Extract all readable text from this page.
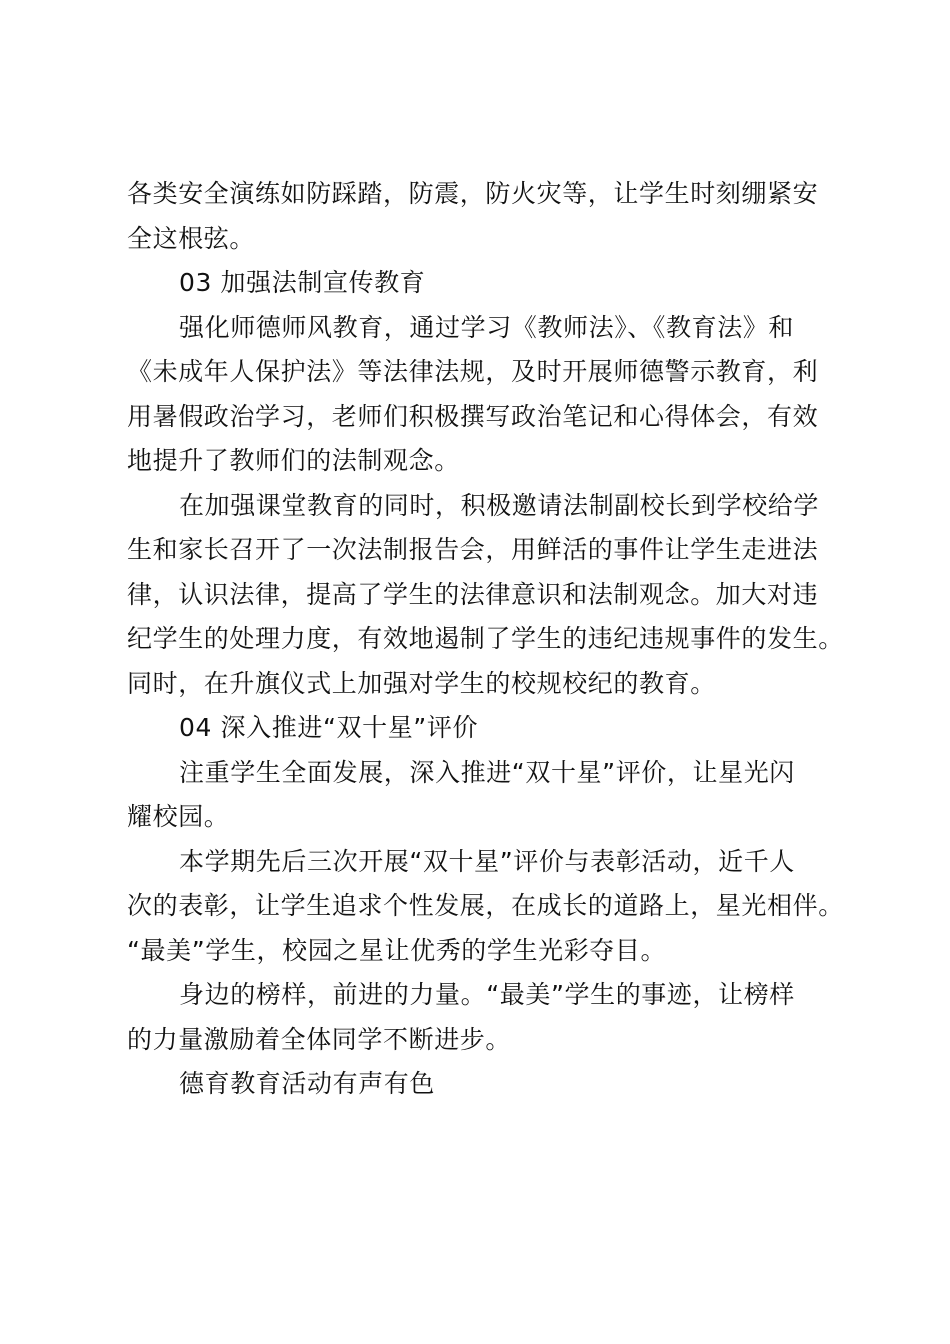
各类安全演练如防踩踏，防震，防火灾等，让学生时刻绷紧安
全这根弦。
03 加强法制宣传教育
强化师德师风教育，通过学习《教师法》、《教育法》和
《未成年人保护法》等法律法规，及时开展师德警示教育，利
用暑假政治学习，老师们积极撰写政治笔记和心得体会，有效
地提升了教师们的法制观念。
在加强课堂教育的同时，积极邀请法制副校长到学校给学
生和家长召开了一次法制报告会，用鲜活的事件让学生走进法
律，认识法律，提高了学生的法律意识和法制观念。加大对违
纪学生的处理力度，有效地遏制了学生的违纪违规事件的发生。
同时，在升旗仪式上加强对学生的校规校纪的教育。
04 深入推进“双十星”评价
注重学生全面发展，深入推进“双十星”评价，让星光闪
耀校园。
本学期先后三次开展“双十星”评价与表彰活动，近千人
次的表彰，让学生追求个性发展，在成长的道路上，星光相伴。
“最美”学生，校园之星让优秀的学生光彩夺目。
身边的榜样，前进的力量。“最美”学生的事迹，让榜样
的力量激励着全体同学不断进步。
德育教育活动有声有色
